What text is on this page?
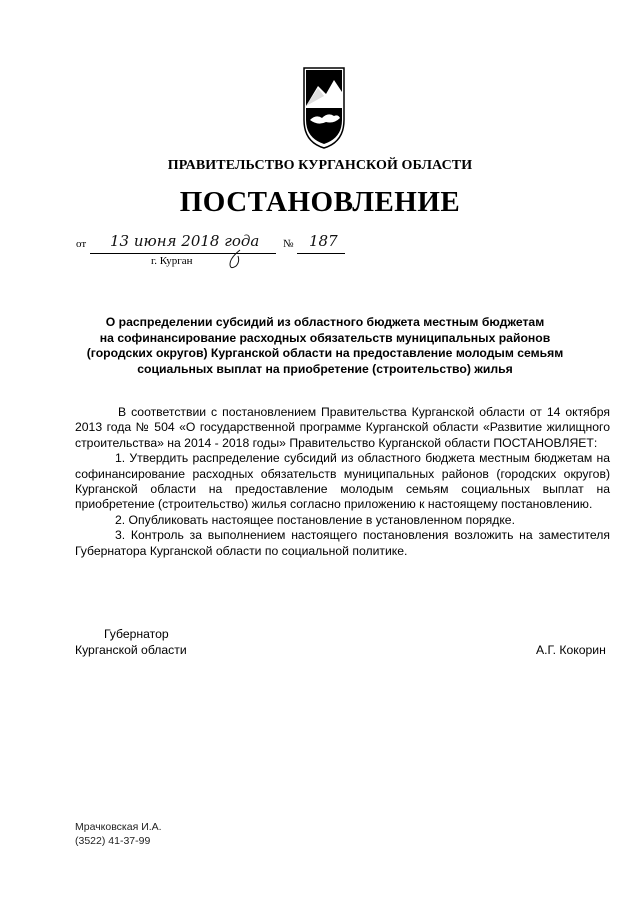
ПРАВИТЕЛЬСТВО КУРГАНСКОЙ ОБЛАСТИ
ПОСТАНОВЛЕНИЕ
от 13 июня 2018 года № 187
г. Курган
О распределении субсидий из областного бюджета местным бюджетам
на софинансирование расходных обязательств муниципальных районов
(городских округов) Курганской области на предоставление молодым семьям
социальных выплат на приобретение (строительство) жилья
В соответствии с постановлением Правительства Курганской области от 14 октября 2013 года № 504 «О государственной программе Курганской области «Развитие жилищного строительства» на 2014 - 2018 годы» Правительство Курганской области ПОСТАНОВЛЯЕТ:
1. Утвердить распределение субсидий из областного бюджета местным бюджетам на софинансирование расходных обязательств муниципальных районов (городских округов) Курганской области на предоставление молодым семьям социальных выплат на приобретение (строительство) жилья согласно приложению к настоящему постановлению.
2. Опубликовать настоящее постановление в установленном порядке.
3. Контроль за выполнением настоящего постановления возложить на заместителя Губернатора Курганской области по социальной политике.
Губернатор
Курганской области	А.Г. Кокорин
Мрачковская И.А.
(3522) 41-37-99
